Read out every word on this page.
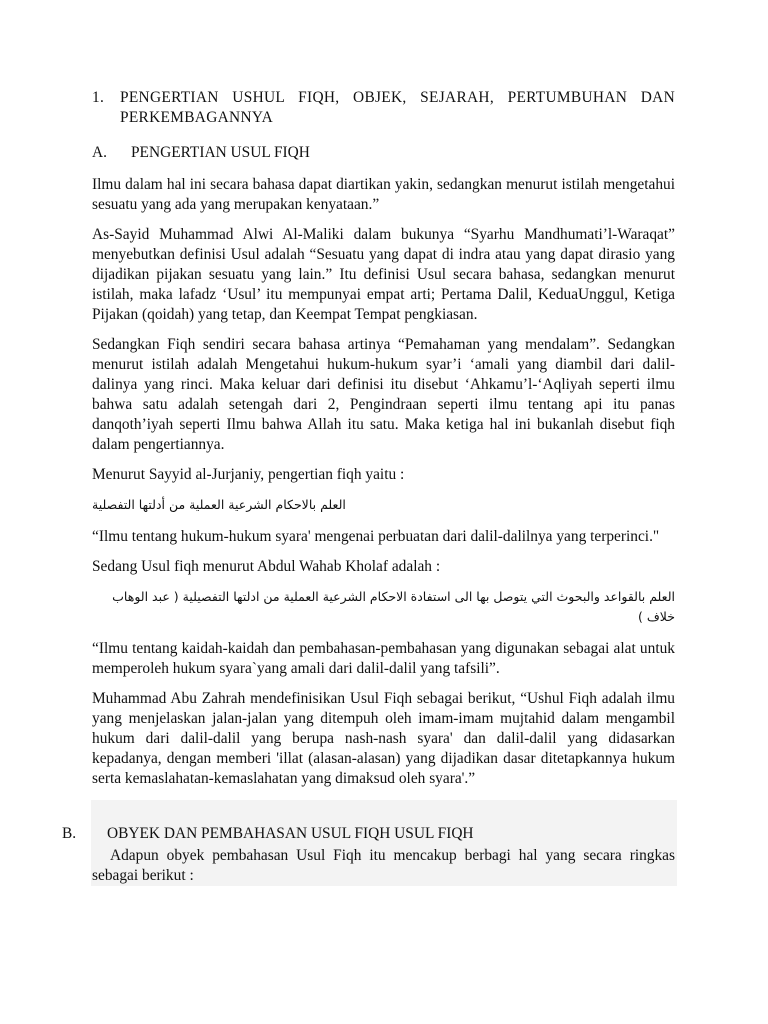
1.	PENGERTIAN USHUL FIQH, OBJEK, SEJARAH, PERTUMBUHAN DAN PERKEMBAGANNYA
A.	PENGERTIAN USUL FIQH

Ilmu dalam hal ini secara bahasa dapat diartikan yakin, sedangkan menurut istilah mengetahui sesuatu yang ada yang merupakan kenyataan.”

As-Sayid Muhammad Alwi Al-Maliki dalam bukunya “Syarhu Mandhumati’l-Waraqat” menyebutkan definisi Usul adalah “Sesuatu yang dapat di indra atau yang dapat dirasio yang dijadikan pijakan sesuatu yang lain.” Itu definisi Usul secara bahasa, sedangkan menurut istilah, maka lafadz ‘Usul’ itu mempunyai empat arti; Pertama Dalil, KeduaUnggul, Ketiga Pijakan (qoidah) yang tetap, dan Keempat Tempat pengkiasan.

Sedangkan Fiqh sendiri secara bahasa artinya “Pemahaman yang mendalam”. Sedangkan menurut istilah adalah Mengetahui hukum-hukum syar’i ‘amali yang diambil dari dalil-dalinya yang rinci. Maka keluar dari definisi itu disebut ‘Ahkamu’l-‘Aqliyah seperti ilmu bahwa satu adalah setengah dari 2, Pengindraan seperti ilmu tentang api itu panas danqoth’iyah seperti Ilmu bahwa Allah itu satu. Maka ketiga hal ini bukanlah disebut fiqh dalam pengertiannya.

Menurut Sayyid al-Jurjaniy, pengertian fiqh yaitu :

العلم بالاحكام الشرعية العملية من أدلتها التفصلية

“Ilmu tentang hukum-hukum syara' mengenai perbuatan dari dalil-dalilnya yang terperinci."

Sedang Usul fiqh menurut Abdul Wahab Kholaf adalah :

العلم بالقواعد والبحوث التي يتوصل بها الى استفادة الاحكام الشرعية العملية من ادلتها التفصيلية ( عبد الوهاب خلاف )

“Ilmu tentang kaidah-kaidah dan pembahasan-pembahasan yang digunakan sebagai alat untuk memperoleh hukum syara`yang amali dari dalil-dalil yang tafsili”.

Muhammad Abu Zahrah mendefinisikan Usul Fiqh sebagai berikut, “Ushul Fiqh adalah ilmu yang menjelaskan jalan-jalan yang ditempuh oleh imam-imam mujtahid dalam mengambil hukum dari dalil-dalil yang berupa nash-nash syara' dan dalil-dalil yang didasarkan kepadanya, dengan memberi 'illat (alasan-alasan) yang dijadikan dasar ditetapkannya hukum serta kemaslahatan-kemaslahatan yang dimaksud oleh syara'.”

B.	OBYEK DAN PEMBAHASAN USUL FIQH USUL FIQH

Adapun obyek pembahasan Usul Fiqh itu mencakup berbagi hal yang secara ringkas sebagai berikut :
